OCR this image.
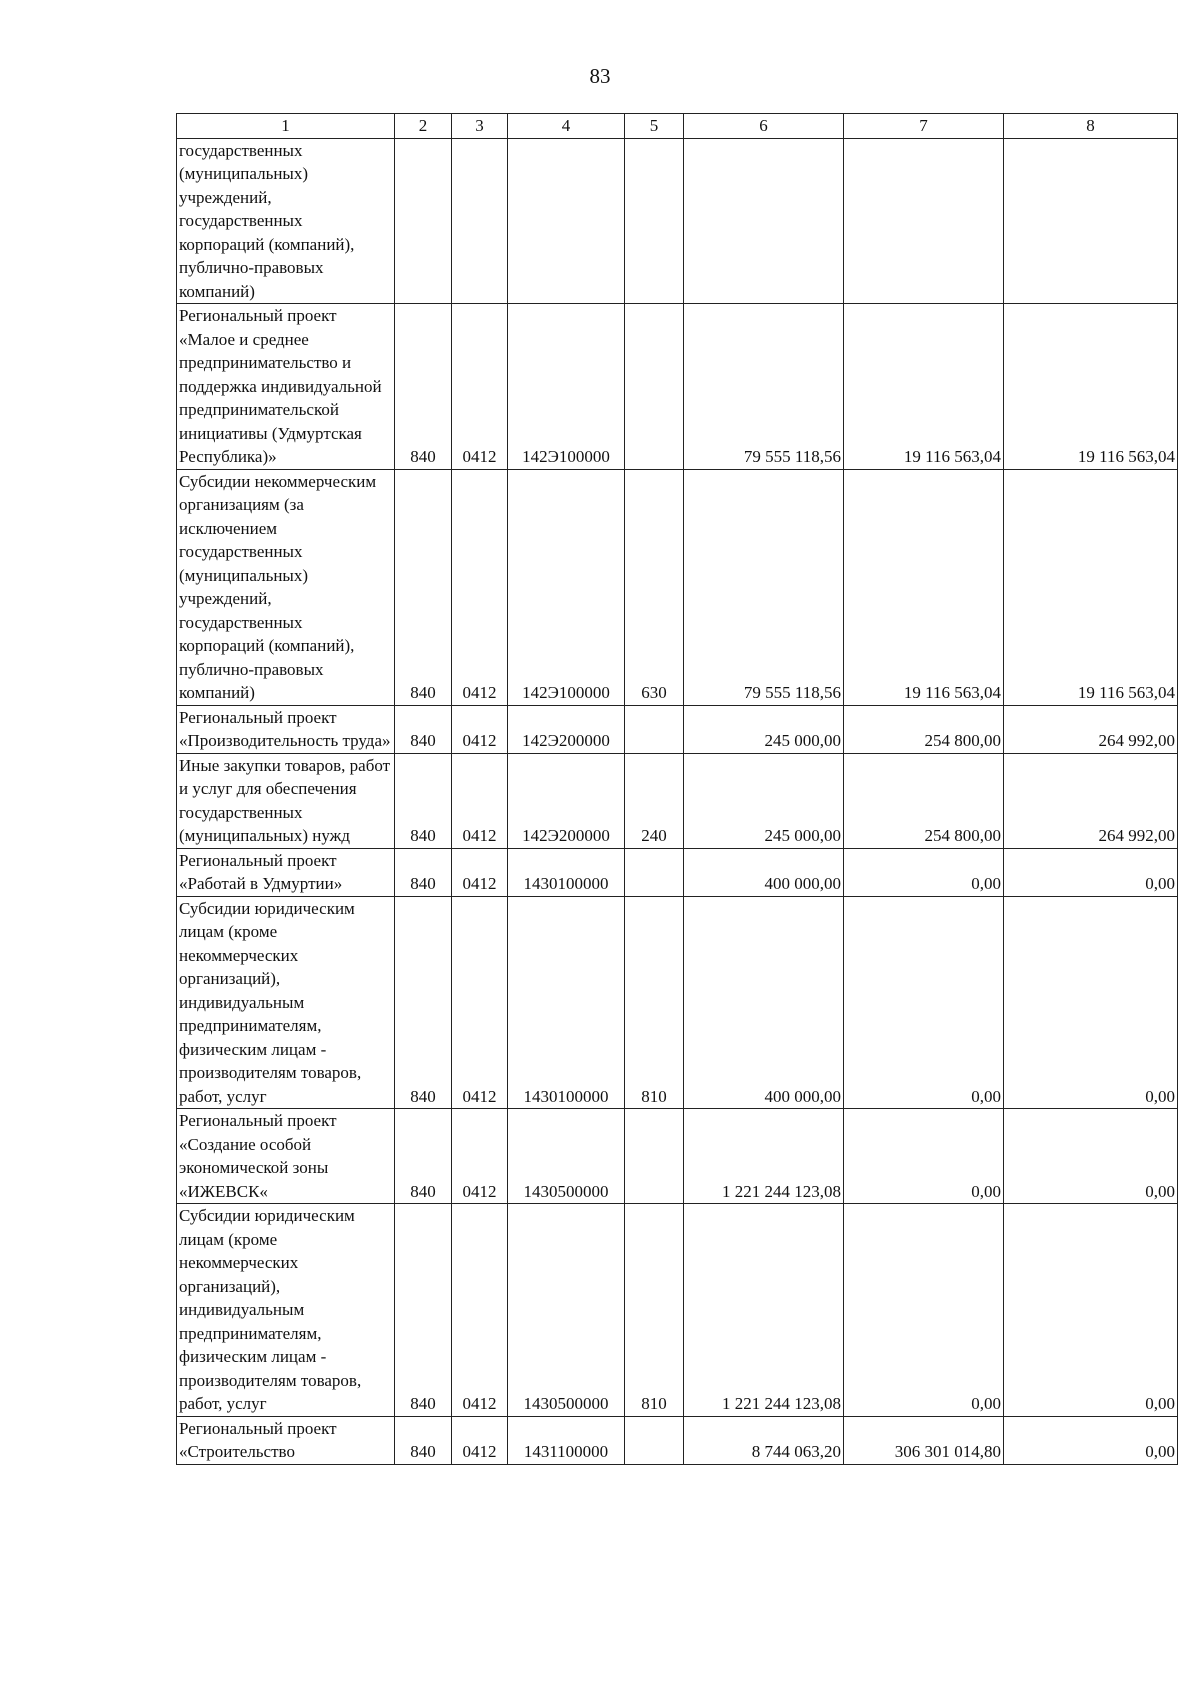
83
1	2	3	4	5	6	7	8
государственных (муниципальных) учреждений, государственных корпораций (компаний), публично-правовых компаний)							
Региональный проект «Малое и среднее предпринимательство и поддержка индивидуальной предпринимательской инициативы (Удмуртская Республика)»	840	0412	142Э100000		79 555 118,56	19 116 563,04	19 116 563,04
Субсидии некоммерческим организациям (за исключением государственных (муниципальных) учреждений, государственных корпораций (компаний), публично-правовых компаний)	840	0412	142Э100000	630	79 555 118,56	19 116 563,04	19 116 563,04
Региональный проект «Производительность труда»	840	0412	142Э200000		245 000,00	254 800,00	264 992,00
Иные закупки товаров, работ и услуг для обеспечения государственных (муниципальных) нужд	840	0412	142Э200000	240	245 000,00	254 800,00	264 992,00
Региональный проект «Работай в Удмуртии»	840	0412	1430100000		400 000,00	0,00	0,00
Субсидии юридическим лицам (кроме некоммерческих организаций), индивидуальным предпринимателям, физическим лицам - производителям товаров, работ, услуг	840	0412	1430100000	810	400 000,00	0,00	0,00
Региональный проект «Создание особой экономической зоны «ИЖЕВСК«	840	0412	1430500000		1 221 244 123,08	0,00	0,00
Субсидии юридическим лицам (кроме некоммерческих организаций), индивидуальным предпринимателям, физическим лицам - производителям товаров, работ, услуг	840	0412	1430500000	810	1 221 244 123,08	0,00	0,00
Региональный проект «Строительство	840	0412	1431100000		8 744 063,20	306 301 014,80	0,00
